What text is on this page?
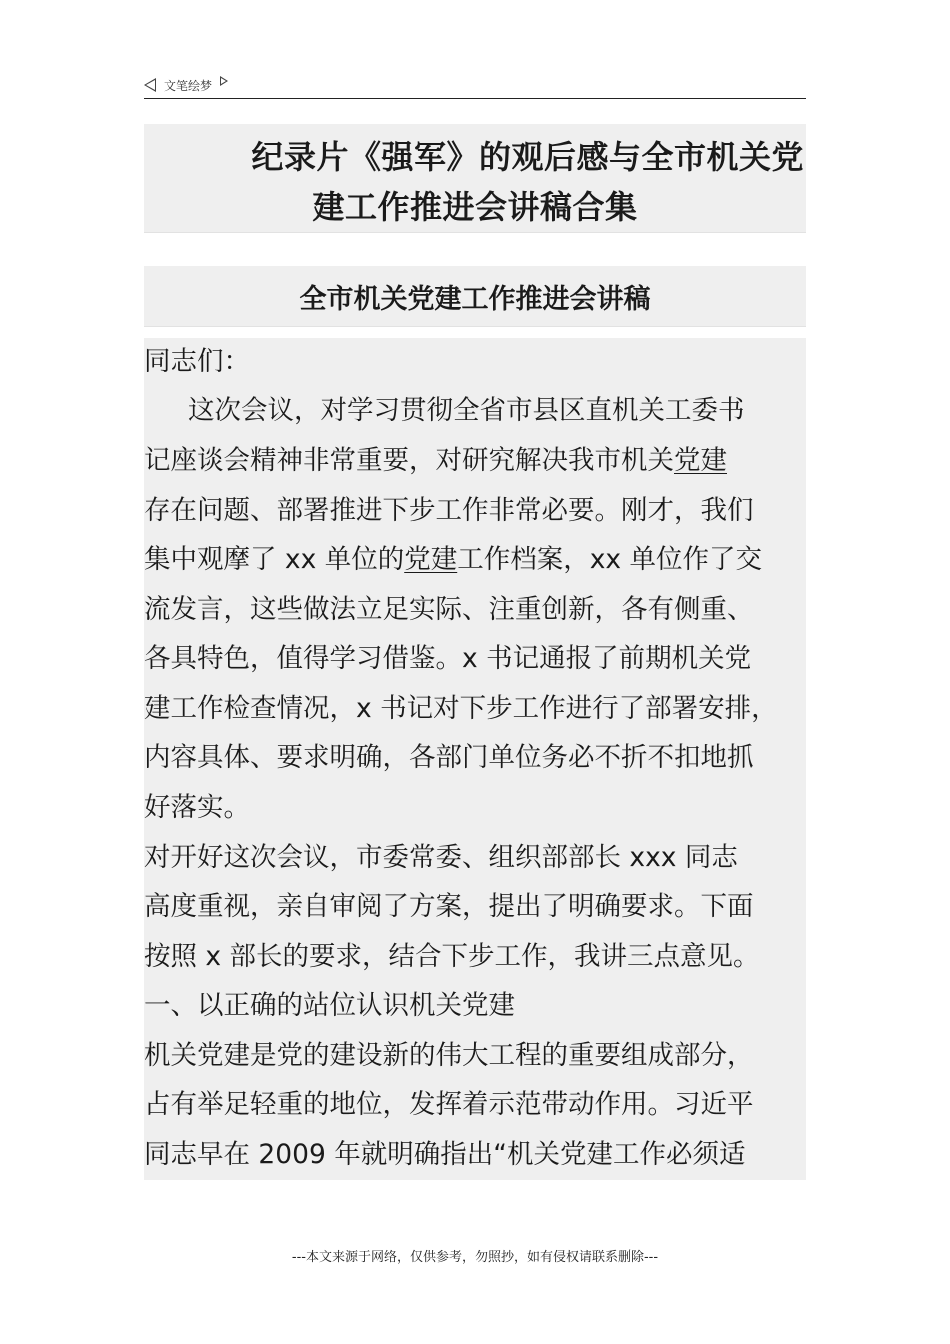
文笔绘梦
纪录片《强军》的观后感与全市机关党
建工作推进会讲稿合集
全市机关党建工作推进会讲稿
同志们：
这次会议，对学习贯彻全省市县区直机关工委书
记座谈会精神非常重要，对研究解决我市机关党建
存在问题、部署推进下步工作非常必要。刚才，我们
集中观摩了 xx 单位的党建工作档案，xx 单位作了交
流发言，这些做法立足实际、注重创新，各有侧重、
各具特色，值得学习借鉴。x 书记通报了前期机关党
建工作检查情况，x 书记对下步工作进行了部署安排，
内容具体、要求明确，各部门单位务必不折不扣地抓
好落实。
对开好这次会议，市委常委、组织部部长 xxx 同志
高度重视，亲自审阅了方案，提出了明确要求。下面
按照 x 部长的要求，结合下步工作，我讲三点意见。
一、以正确的站位认识机关党建
机关党建是党的建设新的伟大工程的重要组成部分，
占有举足轻重的地位，发挥着示范带动作用。习近平
同志早在 2009 年就明确指出“机关党建工作必须适
---本文来源于网络，仅供参考，勿照抄，如有侵权请联系删除---
